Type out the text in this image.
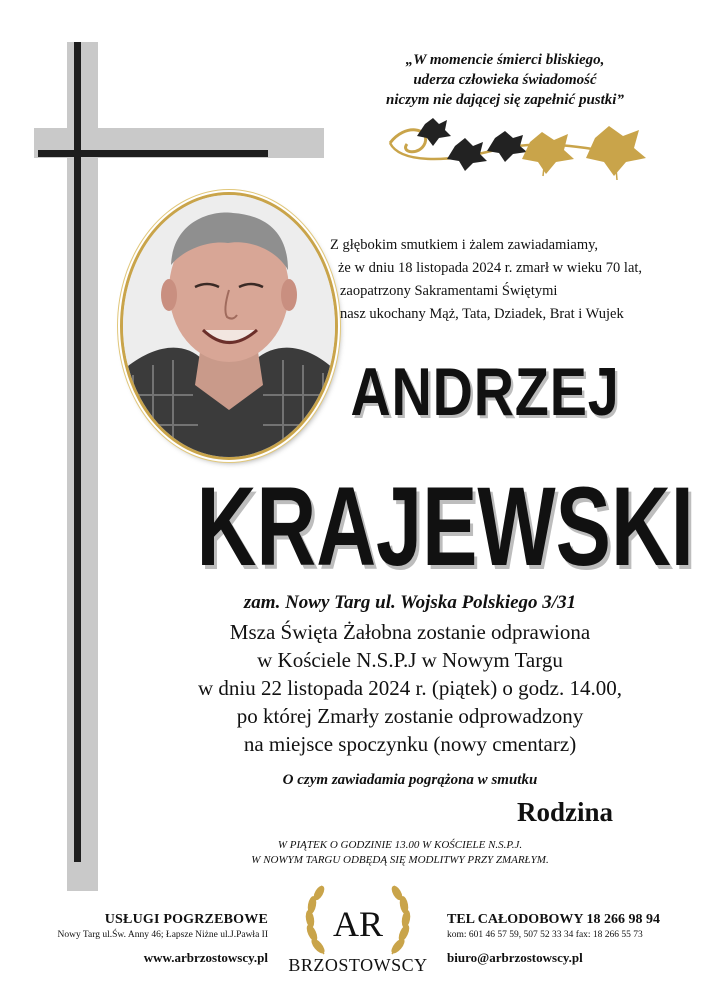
„W momencie śmierci bliskiego,
uderza człowieka świadomość
niczym nie dającej się zapełnić pustki”
Z głębokim smutkiem i żalem zawiadamiamy,
że w dniu 18 listopada 2024 r. zmarł w wieku 70 lat,
zaopatrzony Sakramentami Świętymi
nasz ukochany Mąż, Tata, Dziadek, Brat i Wujek
ANDRZEJ
KRAJEWSKI
zam. Nowy Targ ul. Wojska Polskiego 3/31
Msza Święta Żałobna zostanie odprawiona
w Kościele N.S.P.J w Nowym Targu
w dniu 22 listopada 2024 r. (piątek) o godz. 14.00,
po której Zmarły zostanie odprowadzony
na miejsce spoczynku (nowy cmentarz)
O czym zawiadamia pogrążona w smutku
Rodzina
W PIĄTEK O GODZINIE 13.00 W KOŚCIELE N.S.P.J.
W NOWYM TARGU ODBĘDĄ SIĘ MODLITWY PRZY ZMARŁYM.
USŁUGI POGRZEBOWE
Nowy Targ ul.Św. Anny 46; Łapsze Niżne ul.J.Pawła II
www.arbrzostowscy.pl
AR
BRZOSTOWSCY
TEL CAŁODOBOWY 18 266 98 94
kom: 601 46 57 59, 507 52 33 34 fax: 18 266 55 73
biuro@arbrzostowscy.pl
